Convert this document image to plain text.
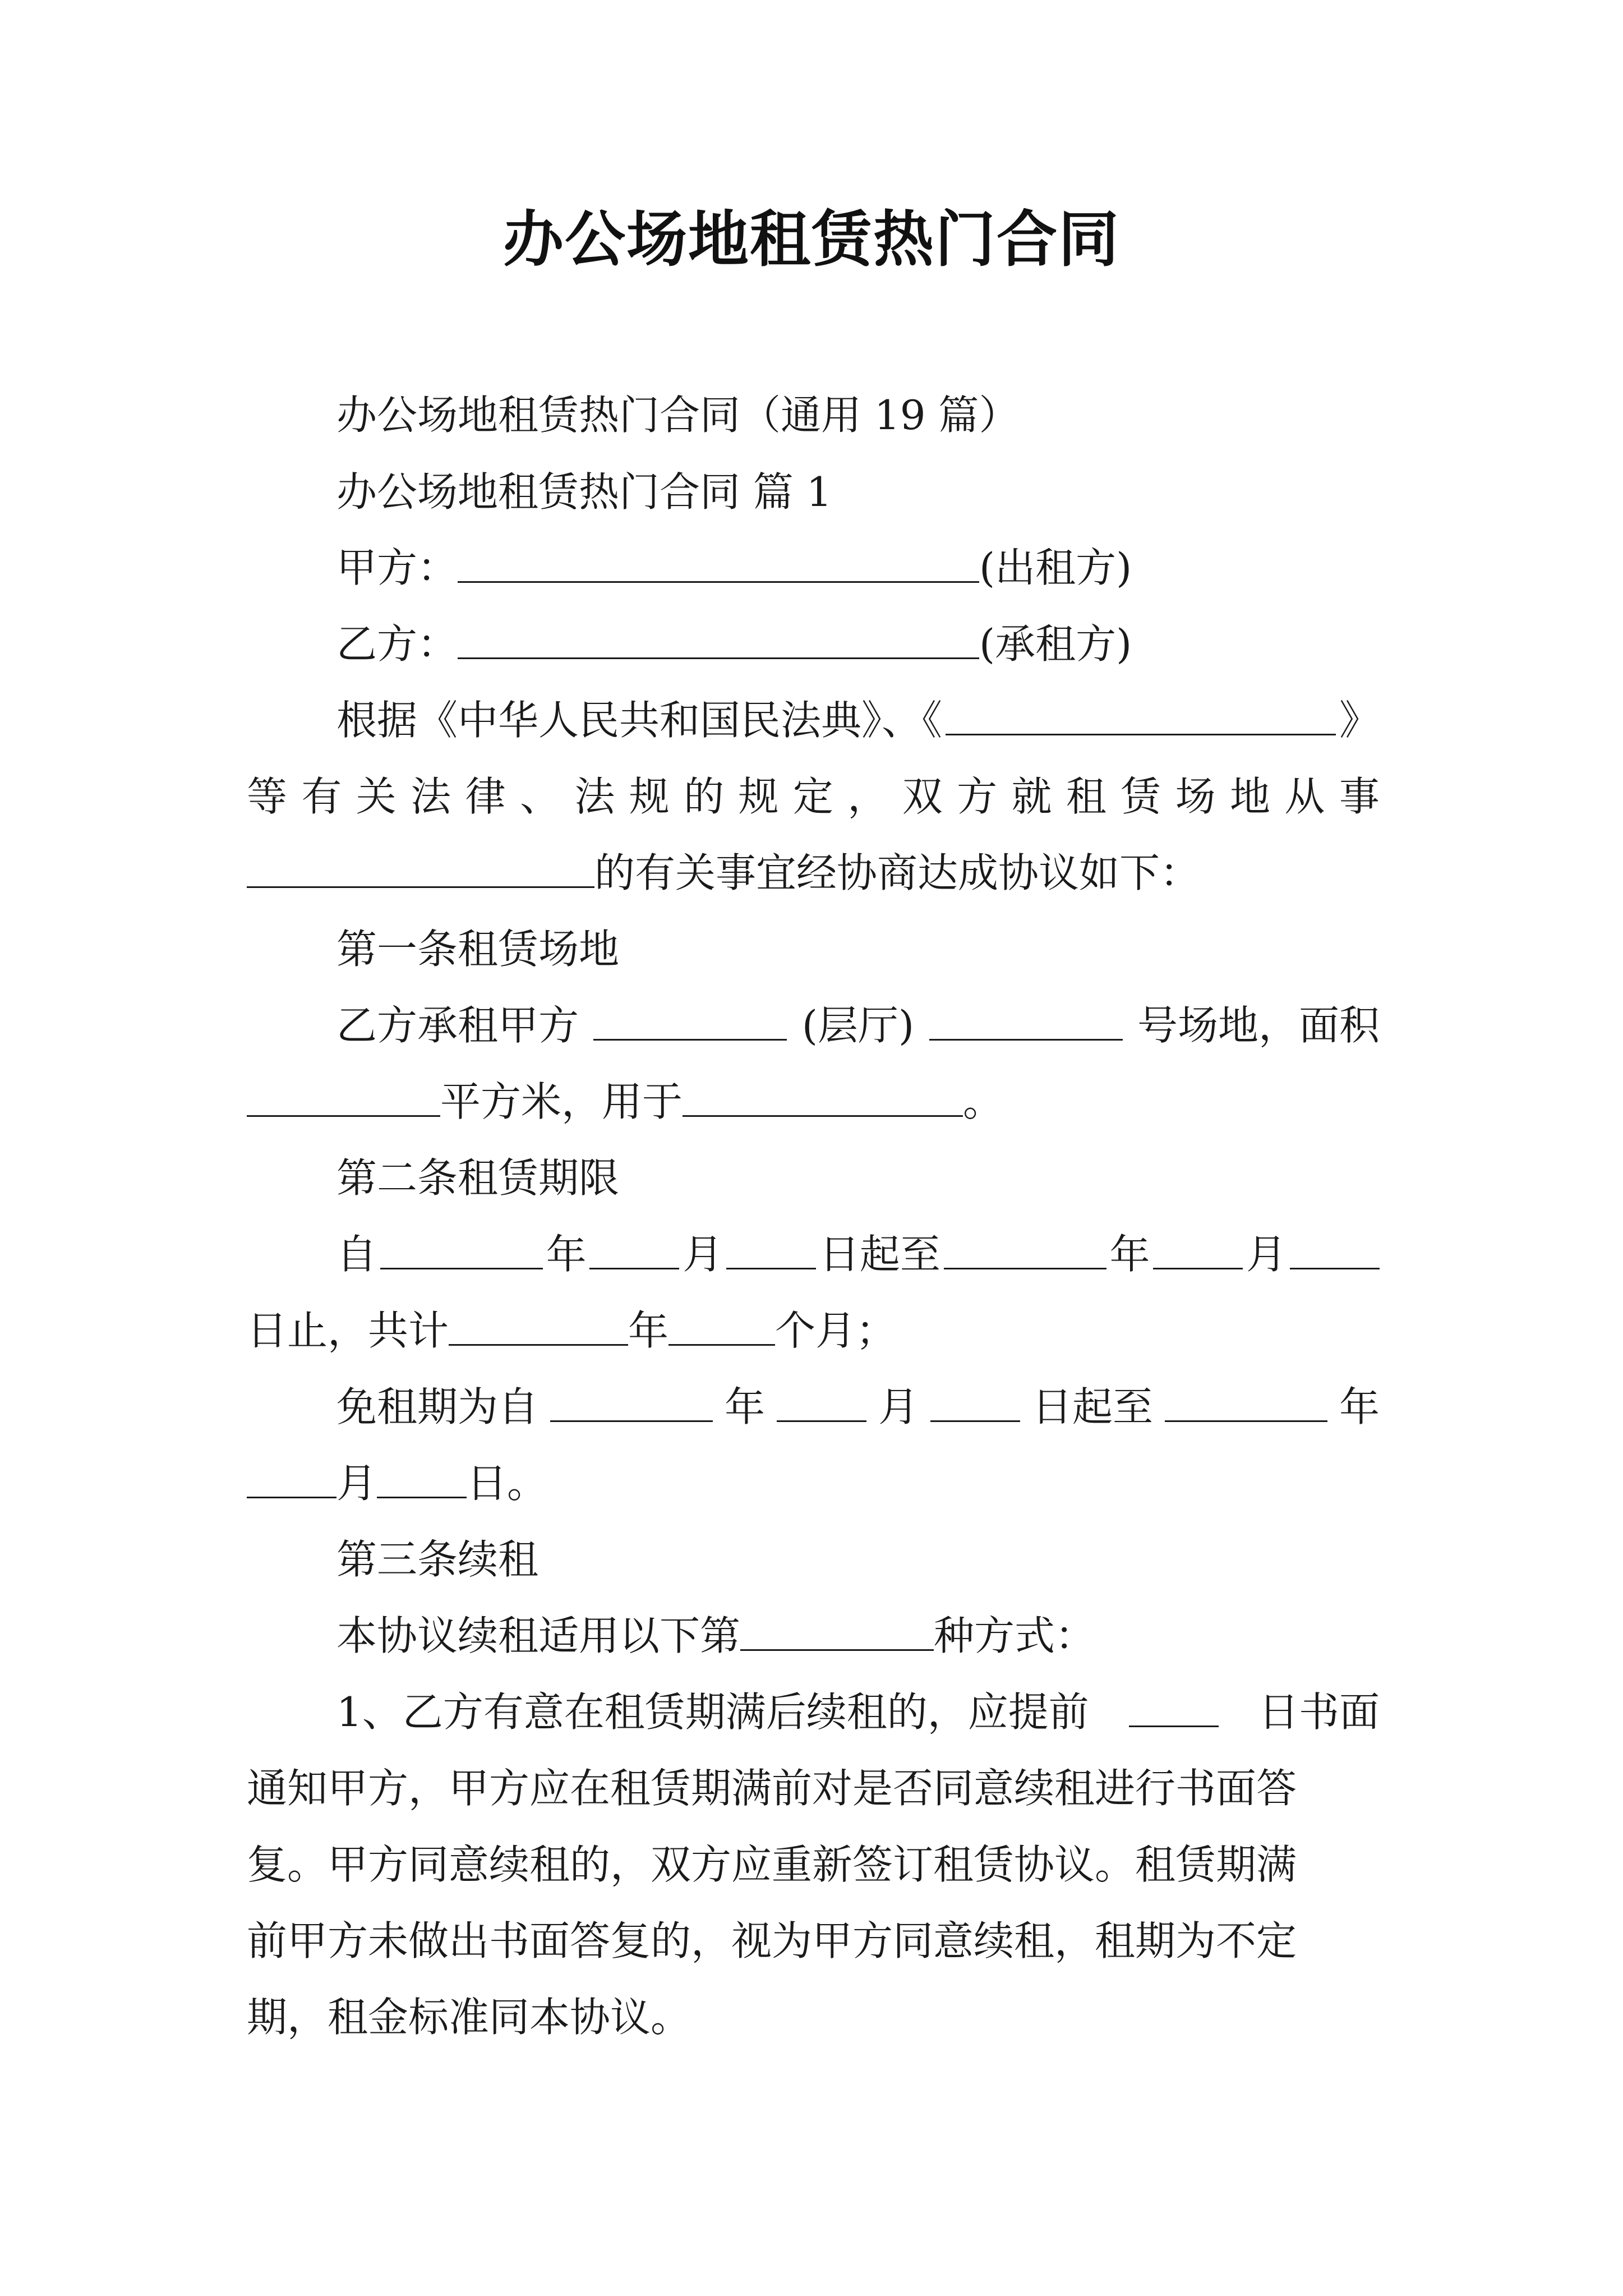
办公场地租赁热门合同
办公场地租赁热门合同（通用 19 篇）
办公场地租赁热门合同 篇 1
甲方：	(出租方)
乙方：	(承租方)
根据《中华人民共和国民法典》、《	》
等 有 关 法 律 、 法 规 的 规 定 ， 双 方 就 租 赁 场 地 从 事
的有关事宜经协商达成协议如下：
第一条租赁场地
乙方承租甲方	(层厅)	号场地，面积
平方米，用于	。
第二条租赁期限
自	年 月 日起至	年 月
日止，共计	年	个月；
免租期为自	年	月	日起至	年
月 日。
第三条续租
本协议续租适用以下第	种方式：
1、乙方有意在租赁期满后续租的，应提前	日书面
通知甲方，甲方应在租赁期满前对是否同意续租进行书面答
复。甲方同意续租的，双方应重新签订租赁协议。租赁期满
前甲方未做出书面答复的，视为甲方同意续租，租期为不定
期，租金标准同本协议。
